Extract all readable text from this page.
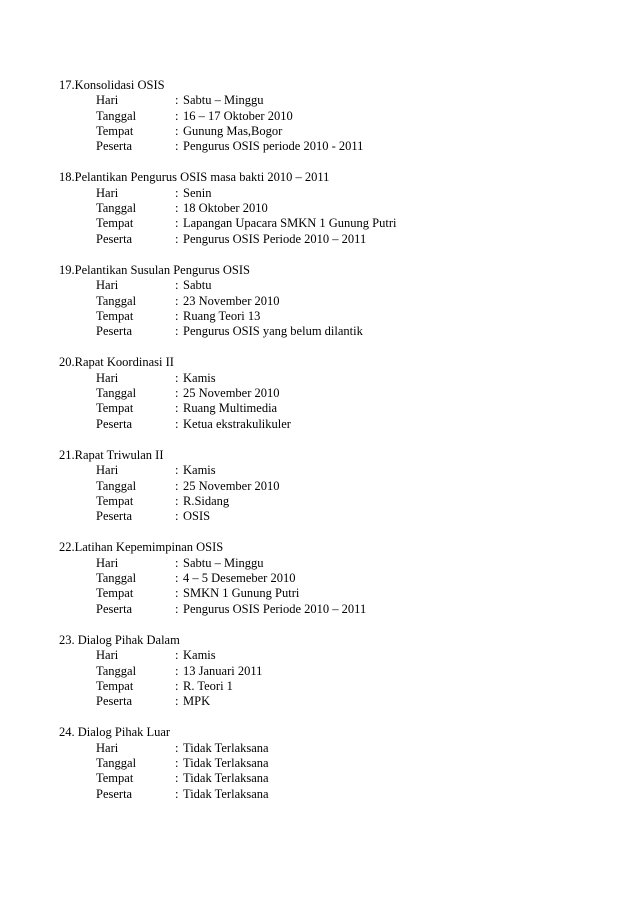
17.Konsolidasi OSIS
Hari	: Sabtu – Minggu
Tanggal	: 16 – 17 Oktober 2010
Tempat	: Gunung Mas,Bogor
Peserta	: Pengurus OSIS periode 2010 - 2011
18.Pelantikan Pengurus OSIS masa bakti 2010 – 2011
Hari	: Senin
Tanggal	: 18 Oktober 2010
Tempat	: Lapangan Upacara SMKN 1 Gunung Putri
Peserta	: Pengurus OSIS Periode 2010 – 2011
19.Pelantikan Susulan Pengurus OSIS
Hari	: Sabtu
Tanggal	: 23 November 2010
Tempat	: Ruang Teori 13
Peserta	: Pengurus OSIS yang belum dilantik
20.Rapat Koordinasi II
Hari	: Kamis
Tanggal	: 25 November 2010
Tempat	: Ruang Multimedia
Peserta	: Ketua ekstrakulikuler
21.Rapat Triwulan II
Hari	: Kamis
Tanggal	: 25 November 2010
Tempat	: R.Sidang
Peserta	: OSIS
22.Latihan Kepemimpinan OSIS
Hari	: Sabtu – Minggu
Tanggal	: 4 – 5 Desemeber 2010
Tempat	: SMKN 1 Gunung Putri
Peserta	: Pengurus OSIS Periode 2010 – 2011
23. Dialog Pihak Dalam
Hari	: Kamis
Tanggal	: 13 Januari 2011
Tempat	: R. Teori 1
Peserta	: MPK
24. Dialog Pihak Luar
Hari	: Tidak Terlaksana
Tanggal	: Tidak Terlaksana
Tempat	: Tidak Terlaksana
Peserta	: Tidak Terlaksana
